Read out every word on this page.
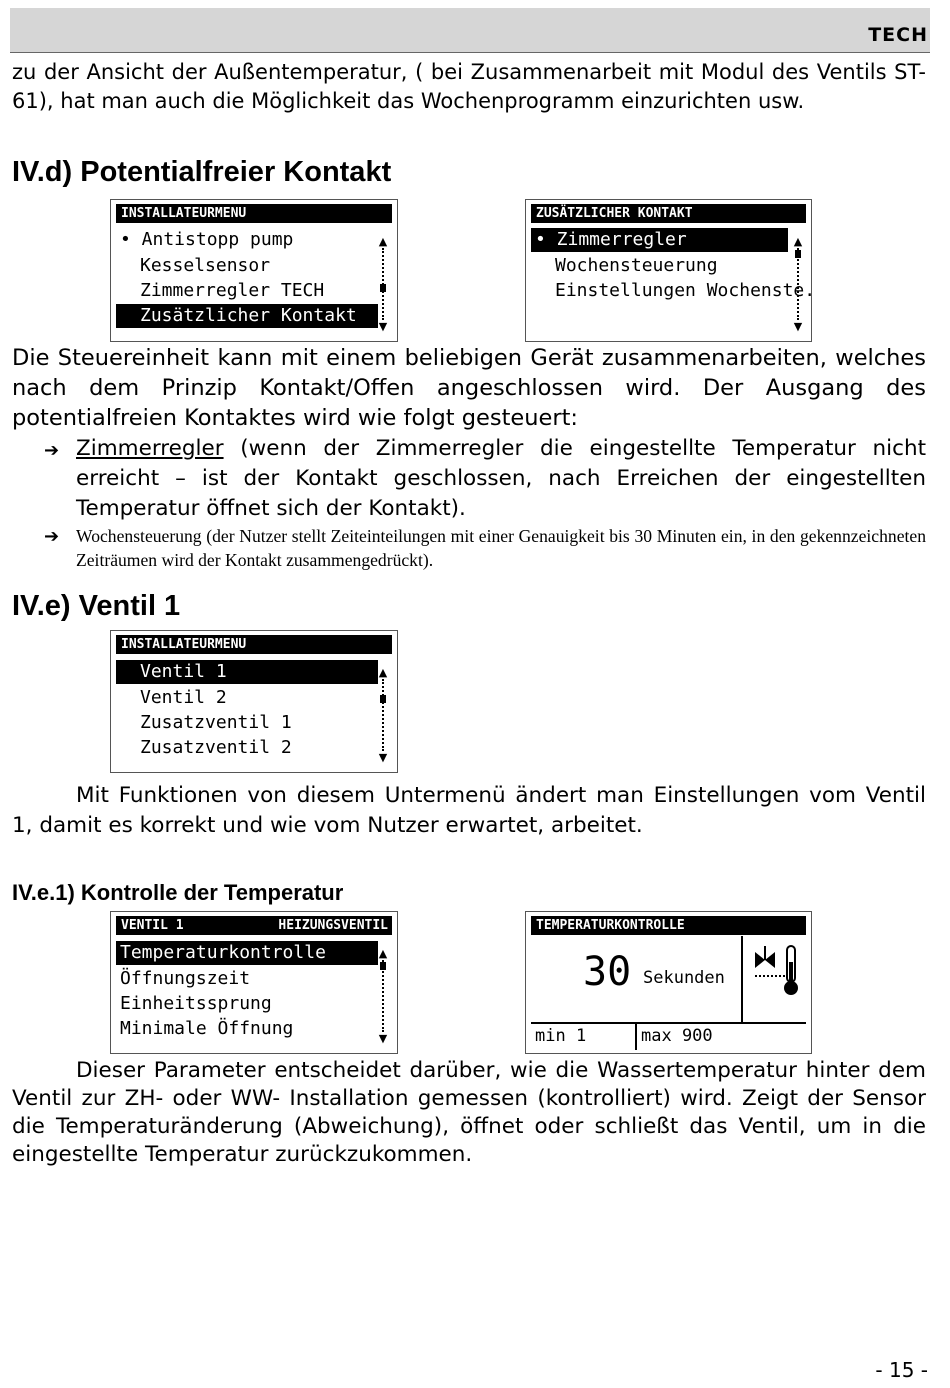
TECH

zu der Ansicht der Außentemperatur, ( bei Zusammenarbeit mit Modul des Ventils ST-61), hat man auch die Möglichkeit das Wochenprogramm einzurichten usw.

IV.d) Potentialfreier Kontakt
INSTALLATEURMENU
• Antistopp pump
Kesselsensor
Zimmerregler TECH
Zusätzlicher Kontakt
▲
▼
ZUSÄTZLICHER KONTAKT
• Zimmerregler
Wochensteuerung
Einstellungen Wochenste.
▲
▼

Die Steuereinheit kann mit einem beliebigen Gerät zusammenarbeiten, welches nach dem Prinzip Kontakt/Offen angeschlossen wird. Der Ausgang des potentialfreien Kontaktes wird wie folgt gesteuert:

➔ Zimmerregler (wenn der Zimmerregler die eingestellte Temperatur nicht erreicht – ist der Kontakt geschlossen, nach Erreichen der eingestellten Temperatur öffnet sich der Kontakt).

➔ Wochensteuerung (der Nutzer stellt Zeiteinteilungen mit einer Genauigkeit bis 30 Minuten ein, in den gekennzeichneten Zeiträumen wird der Kontakt zusammengedrückt).

IV.e) Ventil 1
INSTALLATEURMENU
Ventil 1
Ventil 2
Zusatzventil 1
Zusatzventil 2
▲
▼

Mit Funktionen von diesem Untermenü ändert man Einstellungen vom Ventil 1, damit es korrekt und wie vom Nutzer erwartet, arbeitet.

IV.e.1) Kontrolle der Temperatur
VENTIL 1	HEIZUNGSVENTIL
Temperaturkontrolle
Öffnungszeit
Einheitssprung
Minimale Öffnung
▲
▼
TEMPERATURKONTROLLE
30 Sekunden
min 1	max 900

Dieser Parameter entscheidet darüber, wie die Wassertemperatur hinter dem Ventil zur ZH- oder WW- Installation gemessen (kontrolliert) wird. Zeigt der Sensor die Temperaturänderung (Abweichung), öffnet oder schließt das Ventil, um in die eingestellte Temperatur zurückzukommen.

- 15 -
